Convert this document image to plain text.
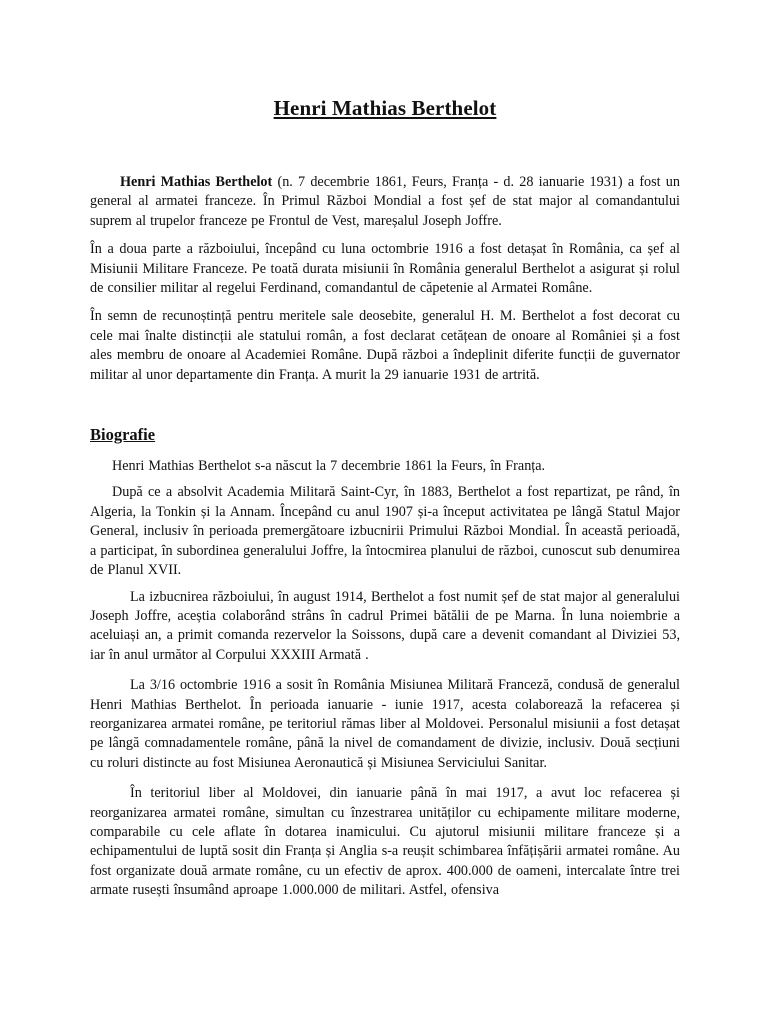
Henri Mathias Berthelot

Henri Mathias Berthelot (n. 7 decembrie 1861, Feurs, Franța - d. 28 ianuarie 1931) a fost un general al armatei franceze. În Primul Război Mondial a fost șef de stat major al comandantului suprem al trupelor franceze pe Frontul de Vest, mareșalul Joseph Joffre.

În a doua parte a războiului, începând cu luna octombrie 1916 a fost detașat în România, ca șef al Misiunii Militare Franceze. Pe toată durata misiunii în România generalul Berthelot a asigurat și rolul de consilier militar al regelui Ferdinand, comandantul de căpetenie al Armatei Române.

În semn de recunoștință pentru meritele sale deosebite, generalul H. M. Berthelot a fost decorat cu cele mai înalte distincții ale statului român, a fost declarat cetățean de onoare al României și a fost ales membru de onoare al Academiei Române. După război a îndeplinit diferite funcții de guvernator militar al unor departamente din Franța. A murit la 29 ianuarie 1931 de artrită.

Biografie

Henri Mathias Berthelot s-a născut la 7 decembrie 1861 la Feurs, în Franța.

După ce a absolvit Academia Militară Saint-Cyr, în 1883, Berthelot a fost repartizat, pe rând, în Algeria, la Tonkin și la Annam. Începând cu anul 1907 și-a început activitatea pe lângă Statul Major General, inclusiv în perioada premergătoare izbucnirii Primului Război Mondial. În această perioadă, a participat, în subordinea generalului Joffre, la întocmirea planului de război, cunoscut sub denumirea de Planul XVII.

La izbucnirea războiului, în august 1914, Berthelot a fost numit șef de stat major al generalului Joseph Joffre, aceștia colaborând strâns în cadrul Primei bătălii de pe Marna. În luna noiembrie a aceluiași an, a primit comanda rezervelor la Soissons, după care a devenit comandant al Diviziei 53, iar în anul următor al Corpului XXXIII Armată .

La 3/16 octombrie 1916 a sosit în România Misiunea Militară Franceză, condusă de generalul Henri Mathias Berthelot. În perioada ianuarie - iunie 1917, acesta colaborează la refacerea și reorganizarea armatei române, pe teritoriul rămas liber al Moldovei. Personalul misiunii a fost detașat pe lângă comnadamentele române, până la nivel de comandament de divizie, inclusiv. Două secțiuni cu roluri distincte au fost Misiunea Aeronautică și Misiunea Serviciului Sanitar.

În teritoriul liber al Moldovei, din ianuarie până în mai 1917, a avut loc refacerea și reorganizarea armatei române, simultan cu înzestrarea unităților cu echipamente militare moderne, comparabile cu cele aflate în dotarea inamicului. Cu ajutorul misiunii militare franceze și a echipamentului de luptă sosit din Franța și Anglia s-a reușit schimbarea înfățișării armatei române. Au fost organizate două armate române, cu un efectiv de aprox. 400.000 de oameni, intercalate între trei armate rusești însumând aproape 1.000.000 de militari. Astfel, ofensiva
